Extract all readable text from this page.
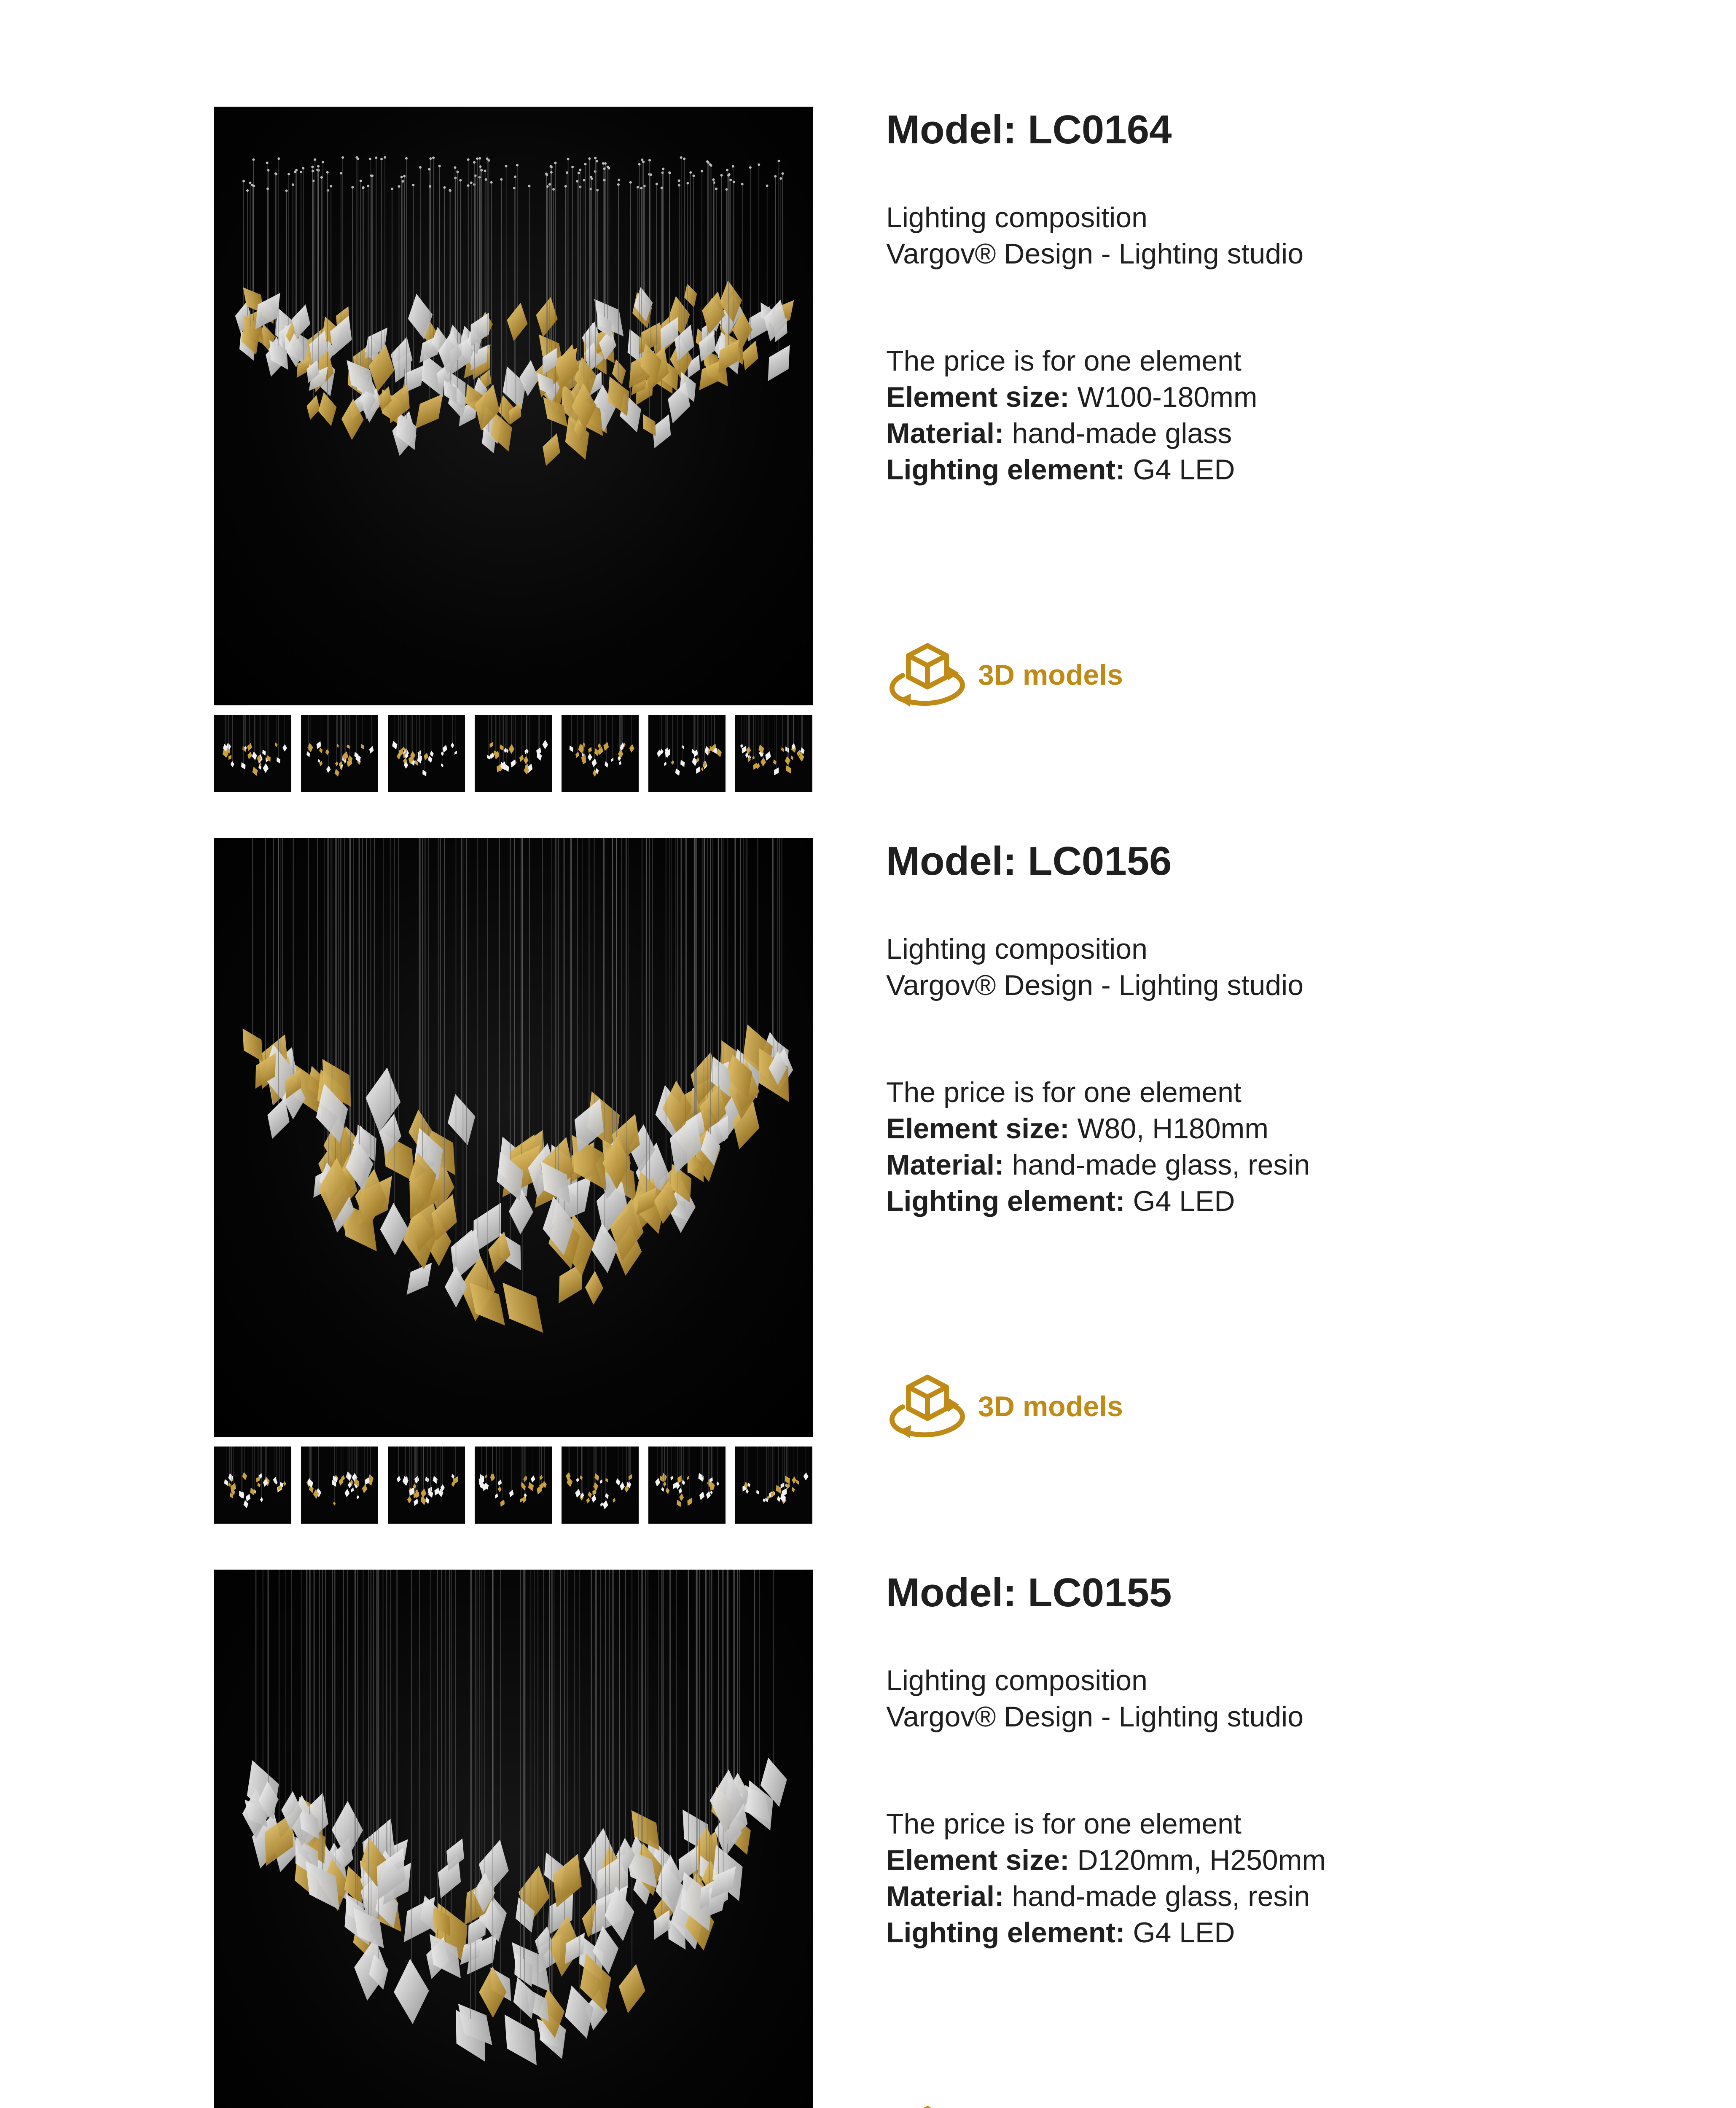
Model: LC0164
Lighting composition
Vargov® Design - Lighting studio
The price is for one element
Element size: W100-180mm
Material: hand-made glass
Lighting element: G4 LED
3D models
Model: LC0156
Lighting composition
Vargov® Design - Lighting studio
The price is for one element
Element size: W80, H180mm
Material: hand-made glass, resin
Lighting element: G4 LED
3D models
Model: LC0155
Lighting composition
Vargov® Design - Lighting studio
The price is for one element
Element size: D120mm, H250mm
Material: hand-made glass, resin
Lighting element: G4 LED
